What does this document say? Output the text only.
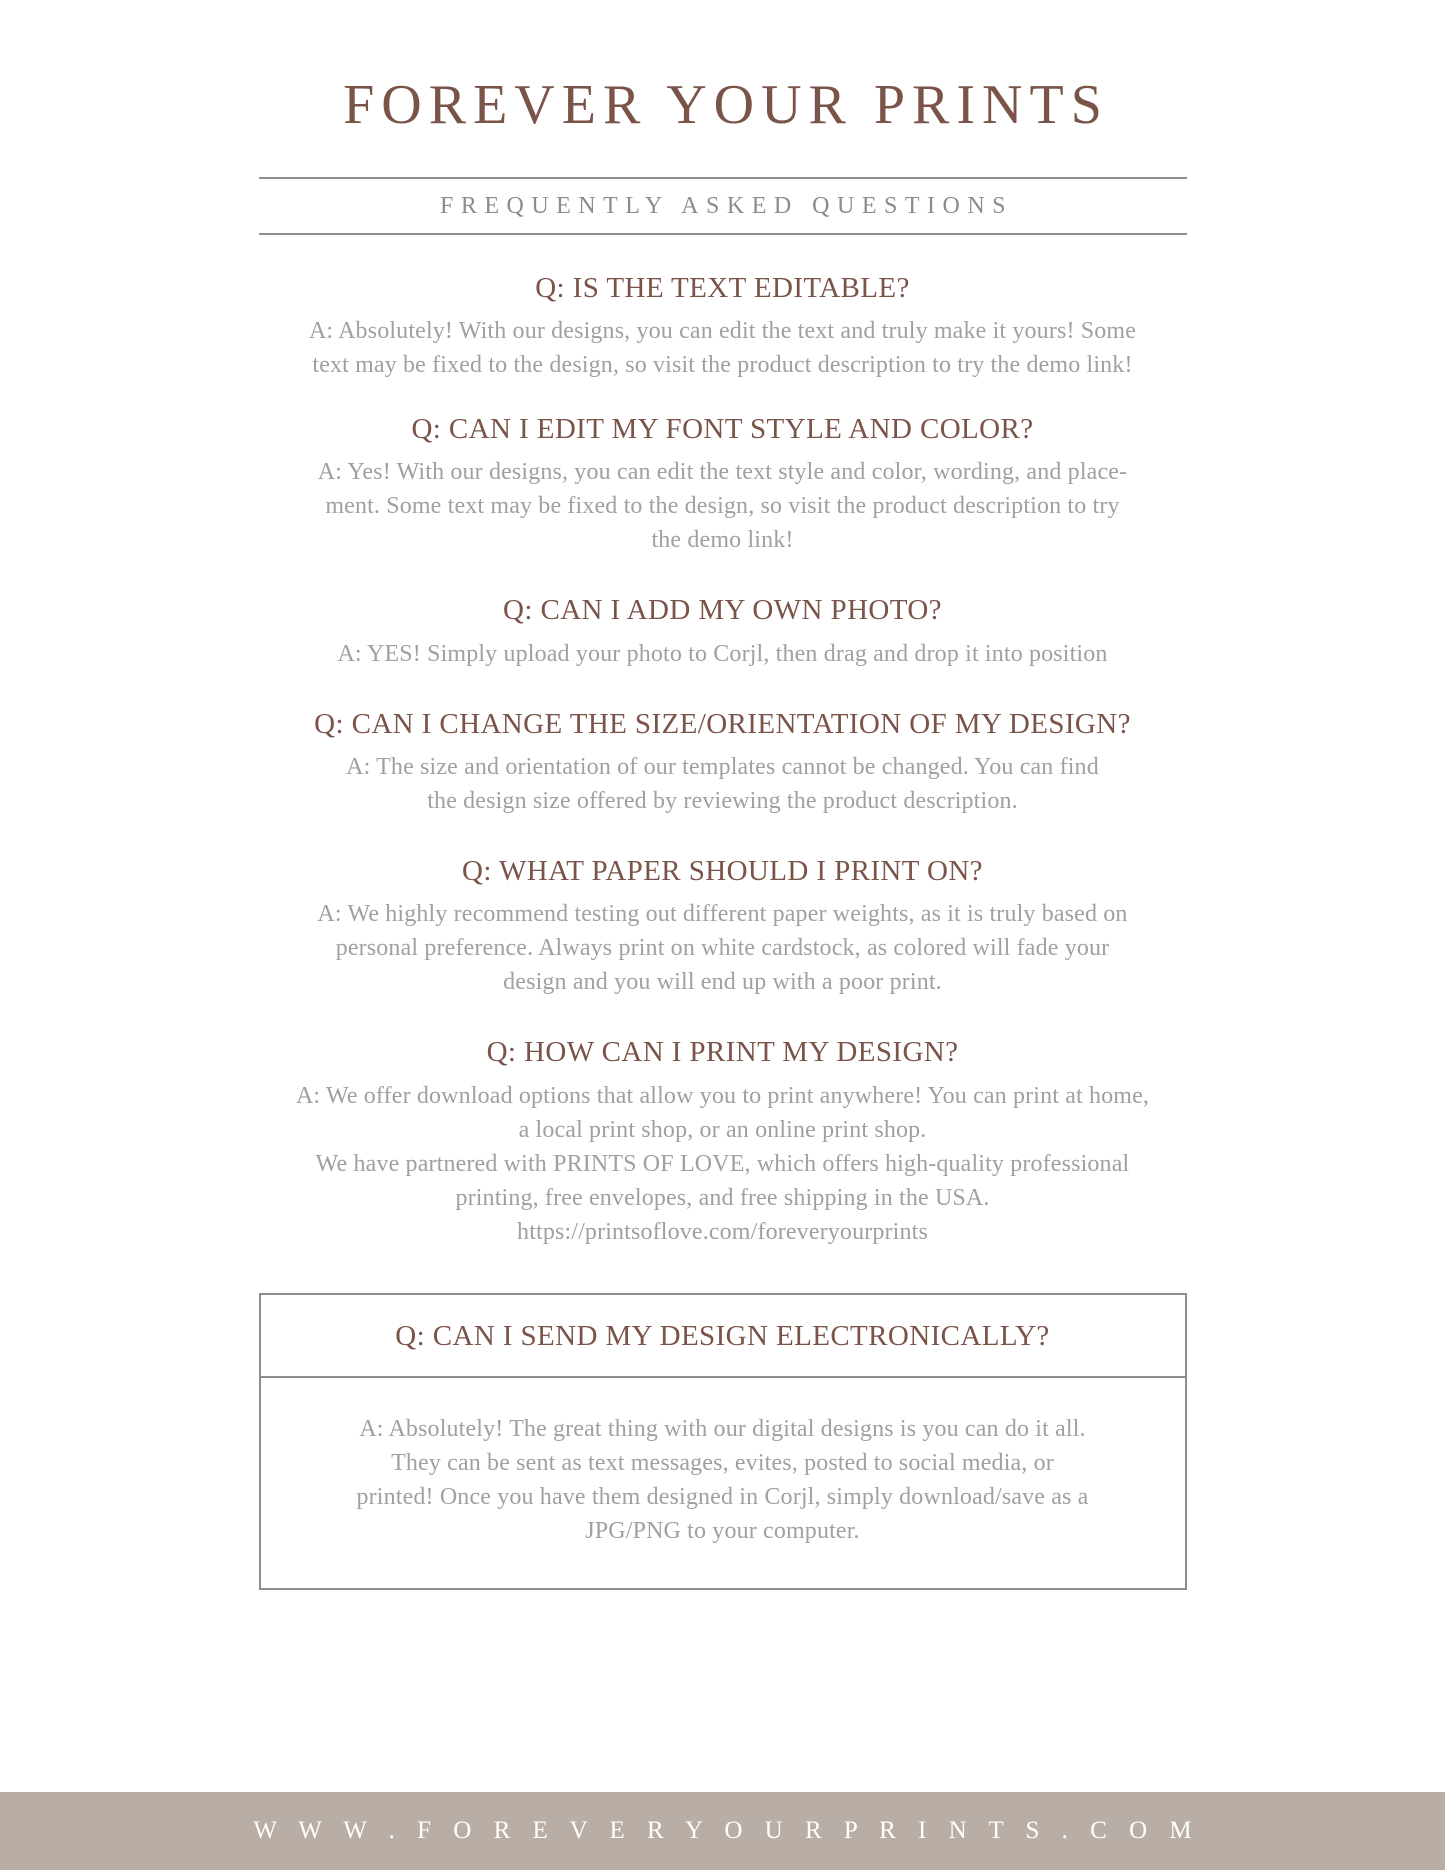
FOREVER YOUR PRINTS
FREQUENTLY ASKED QUESTIONS

Q: IS THE TEXT EDITABLE?

A: Absolutely! With our designs, you can edit the text and truly make it yours! Some
text may be fixed to the design, so visit the product description to try the demo link!

Q: CAN I EDIT MY FONT STYLE AND COLOR?

A: Yes! With our designs, you can edit the text style and color, wording, and place-
ment. Some text may be fixed to the design, so visit the product description to try
the demo link!

Q: CAN I ADD MY OWN PHOTO?

A: YES! Simply upload your photo to Corjl, then drag and drop it into position

Q: CAN I CHANGE THE SIZE/ORIENTATION OF MY DESIGN?

A: The size and orientation of our templates cannot be changed. You can find
the design size offered by reviewing the product description.

Q: WHAT PAPER SHOULD I PRINT ON?

A: We highly recommend testing out different paper weights, as it is truly based on
personal preference. Always print on white cardstock, as colored will fade your
design and you will end up with a poor print.

Q: HOW CAN I PRINT MY DESIGN?

A: We offer download options that allow you to print anywhere! You can print at home,
a local print shop, or an online print shop.
We have partnered with PRINTS OF LOVE, which offers high-quality professional
printing, free envelopes, and free shipping in the USA.
https://printsoflove.com/foreveryourprints

Q: CAN I SEND MY DESIGN ELECTRONICALLY?

A: Absolutely! The great thing with our digital designs is you can do it all.
They can be sent as text messages, evites, posted to social media, or
printed! Once you have them designed in Corjl, simply download/save as a
JPG/PNG to your computer.

W W W . F O R E V E R Y O U R P R I N T S . C O M
